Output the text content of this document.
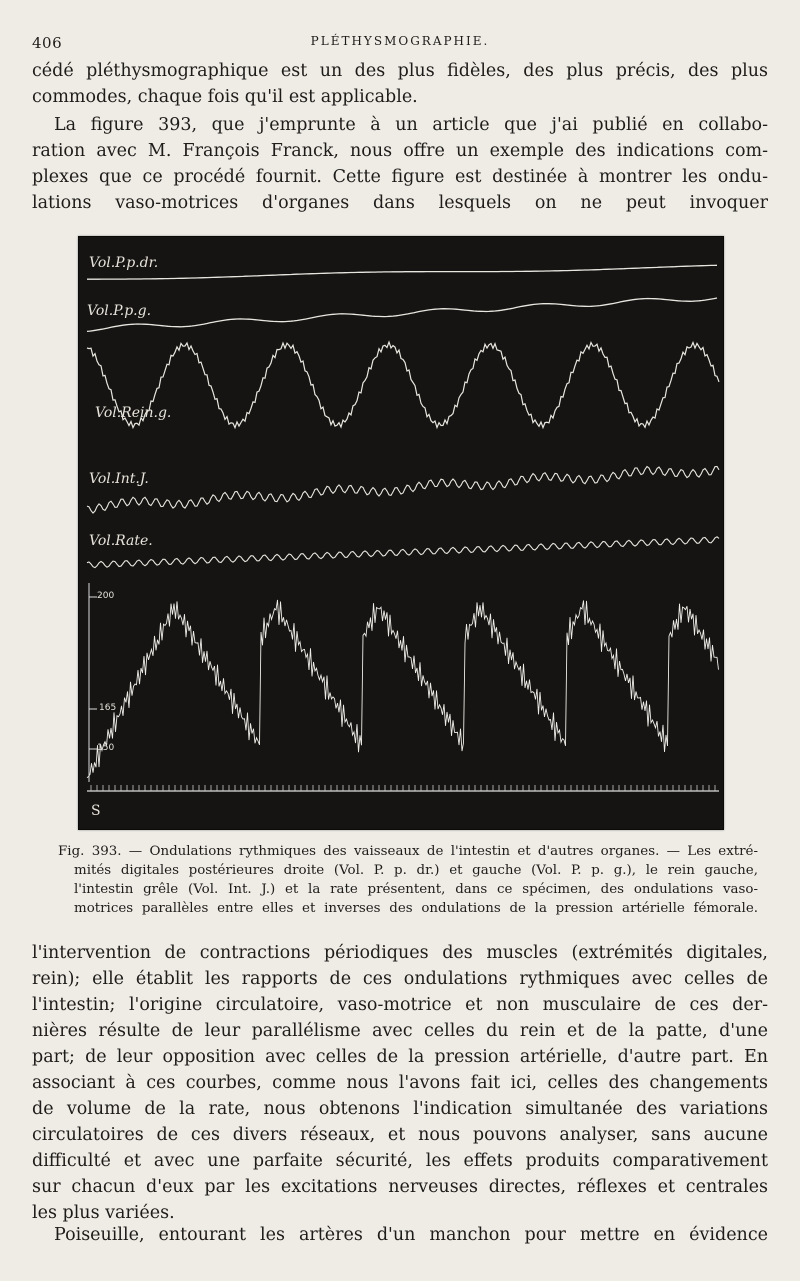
406	PLÉTHYSMOGRAPHIE.

cédé pléthysmographique est un des plus fidèles, des plus précis, des plus
commodes, chaque fois qu'il est applicable.

La figure 393, que j'emprunte à un article que j'ai publié en collabo-
ration avec M. François Franck, nous offre un exemple des indications com-
plexes que ce procédé fournit. Cette figure est destinée à montrer les ondu-
lations vaso-motrices d'organes dans lesquels on ne peut invoquer

Vol.P.p.dr.
Vol.P.p.g.
Vol.Rein.g.
Vol.Int.J.
Vol.Rate.
200
165
150
S

Fig. 393. — Ondulations rythmiques des vaisseaux de l'intestin et d'autres organes. — Les extré-
mités digitales postérieures droite (Vol. P. p. dr.) et gauche (Vol. P. p. g.), le rein gauche,
l'intestin grêle (Vol. Int. J.) et la rate présentent, dans ce spécimen, des ondulations vaso-
motrices parallèles entre elles et inverses des ondulations de la pression artérielle fémorale.

l'intervention de contractions périodiques des muscles (extrémités digitales,
rein); elle établit les rapports de ces ondulations rythmiques avec celles de
l'intestin; l'origine circulatoire, vaso-motrice et non musculaire de ces der-
nières résulte de leur parallélisme avec celles du rein et de la patte, d'une
part; de leur opposition avec celles de la pression artérielle, d'autre part. En
associant à ces courbes, comme nous l'avons fait ici, celles des changements
de volume de la rate, nous obtenons l'indication simultanée des variations
circulatoires de ces divers réseaux, et nous pouvons analyser, sans aucune
difficulté et avec une parfaite sécurité, les effets produits comparativement
sur chacun d'eux par les excitations nerveuses directes, réflexes et centrales
les plus variées.

Poiseuille, entourant les artères d'un manchon pour mettre en évidence
